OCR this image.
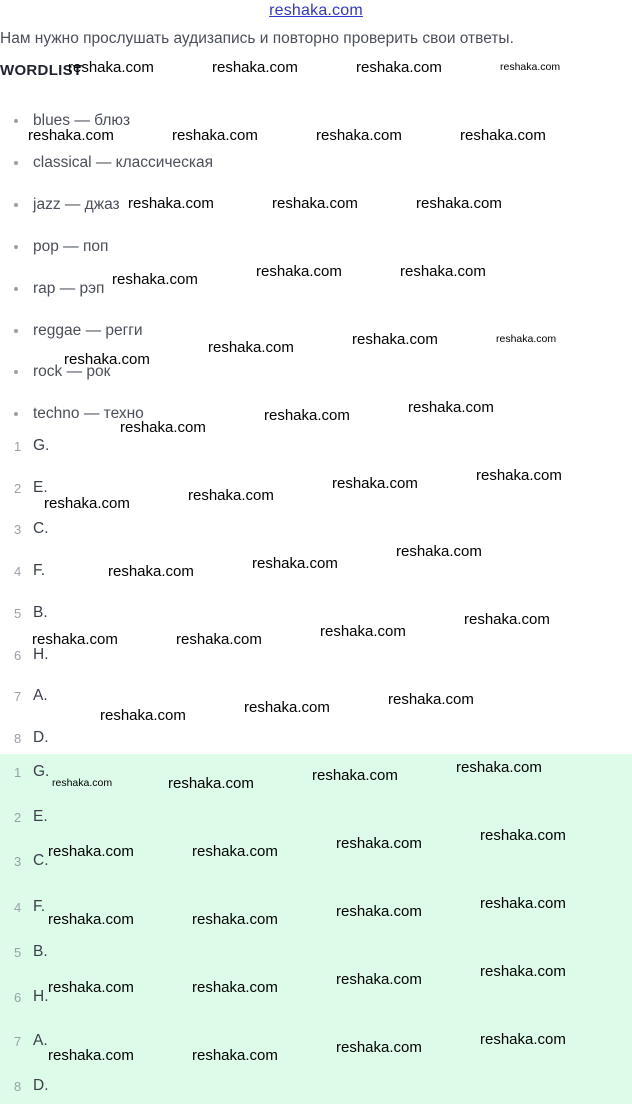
reshaka.com
Нам нужно прослушать аудизапись и повторно проверить свои ответы.
WORDLIST
blues — блюз
classical — классическая
jazz — джаз
pop — поп
rap — рэп
reggae — регги
rock — рок
techno — техно
1 G.
2 E.
3 C.
4 F.
5 B.
6 H.
7 A.
8 D.
1 G.
2 E.
3 C.
4 F.
5 B.
6 H.
7 A.
8 D.
reshaka.com	reshaka.com	reshaka.com	reshaka.com
reshaka.com	reshaka.com	reshaka.com	reshaka.com
reshaka.com	reshaka.com	reshaka.com
reshaka.com	reshaka.com	reshaka.com
reshaka.com
reshaka.com	reshaka.com	reshaka.com
reshaka.com
reshaka.com	reshaka.com
reshaka.com	reshaka.com
reshaka.com	reshaka.com
reshaka.com	reshaka.com
reshaka.com
reshaka.com	reshaka.com	reshaka.com
reshaka.com
reshaka.com	reshaka.com	reshaka.com
reshaka.com	reshaka.com	reshaka.com	reshaka.com
reshaka.com	reshaka.com	reshaka.com	reshaka.com
reshaka.com	reshaka.com	reshaka.com	reshaka.com
reshaka.com	reshaka.com	reshaka.com	reshaka.com
reshaka.com	reshaka.com	reshaka.com	reshaka.com
